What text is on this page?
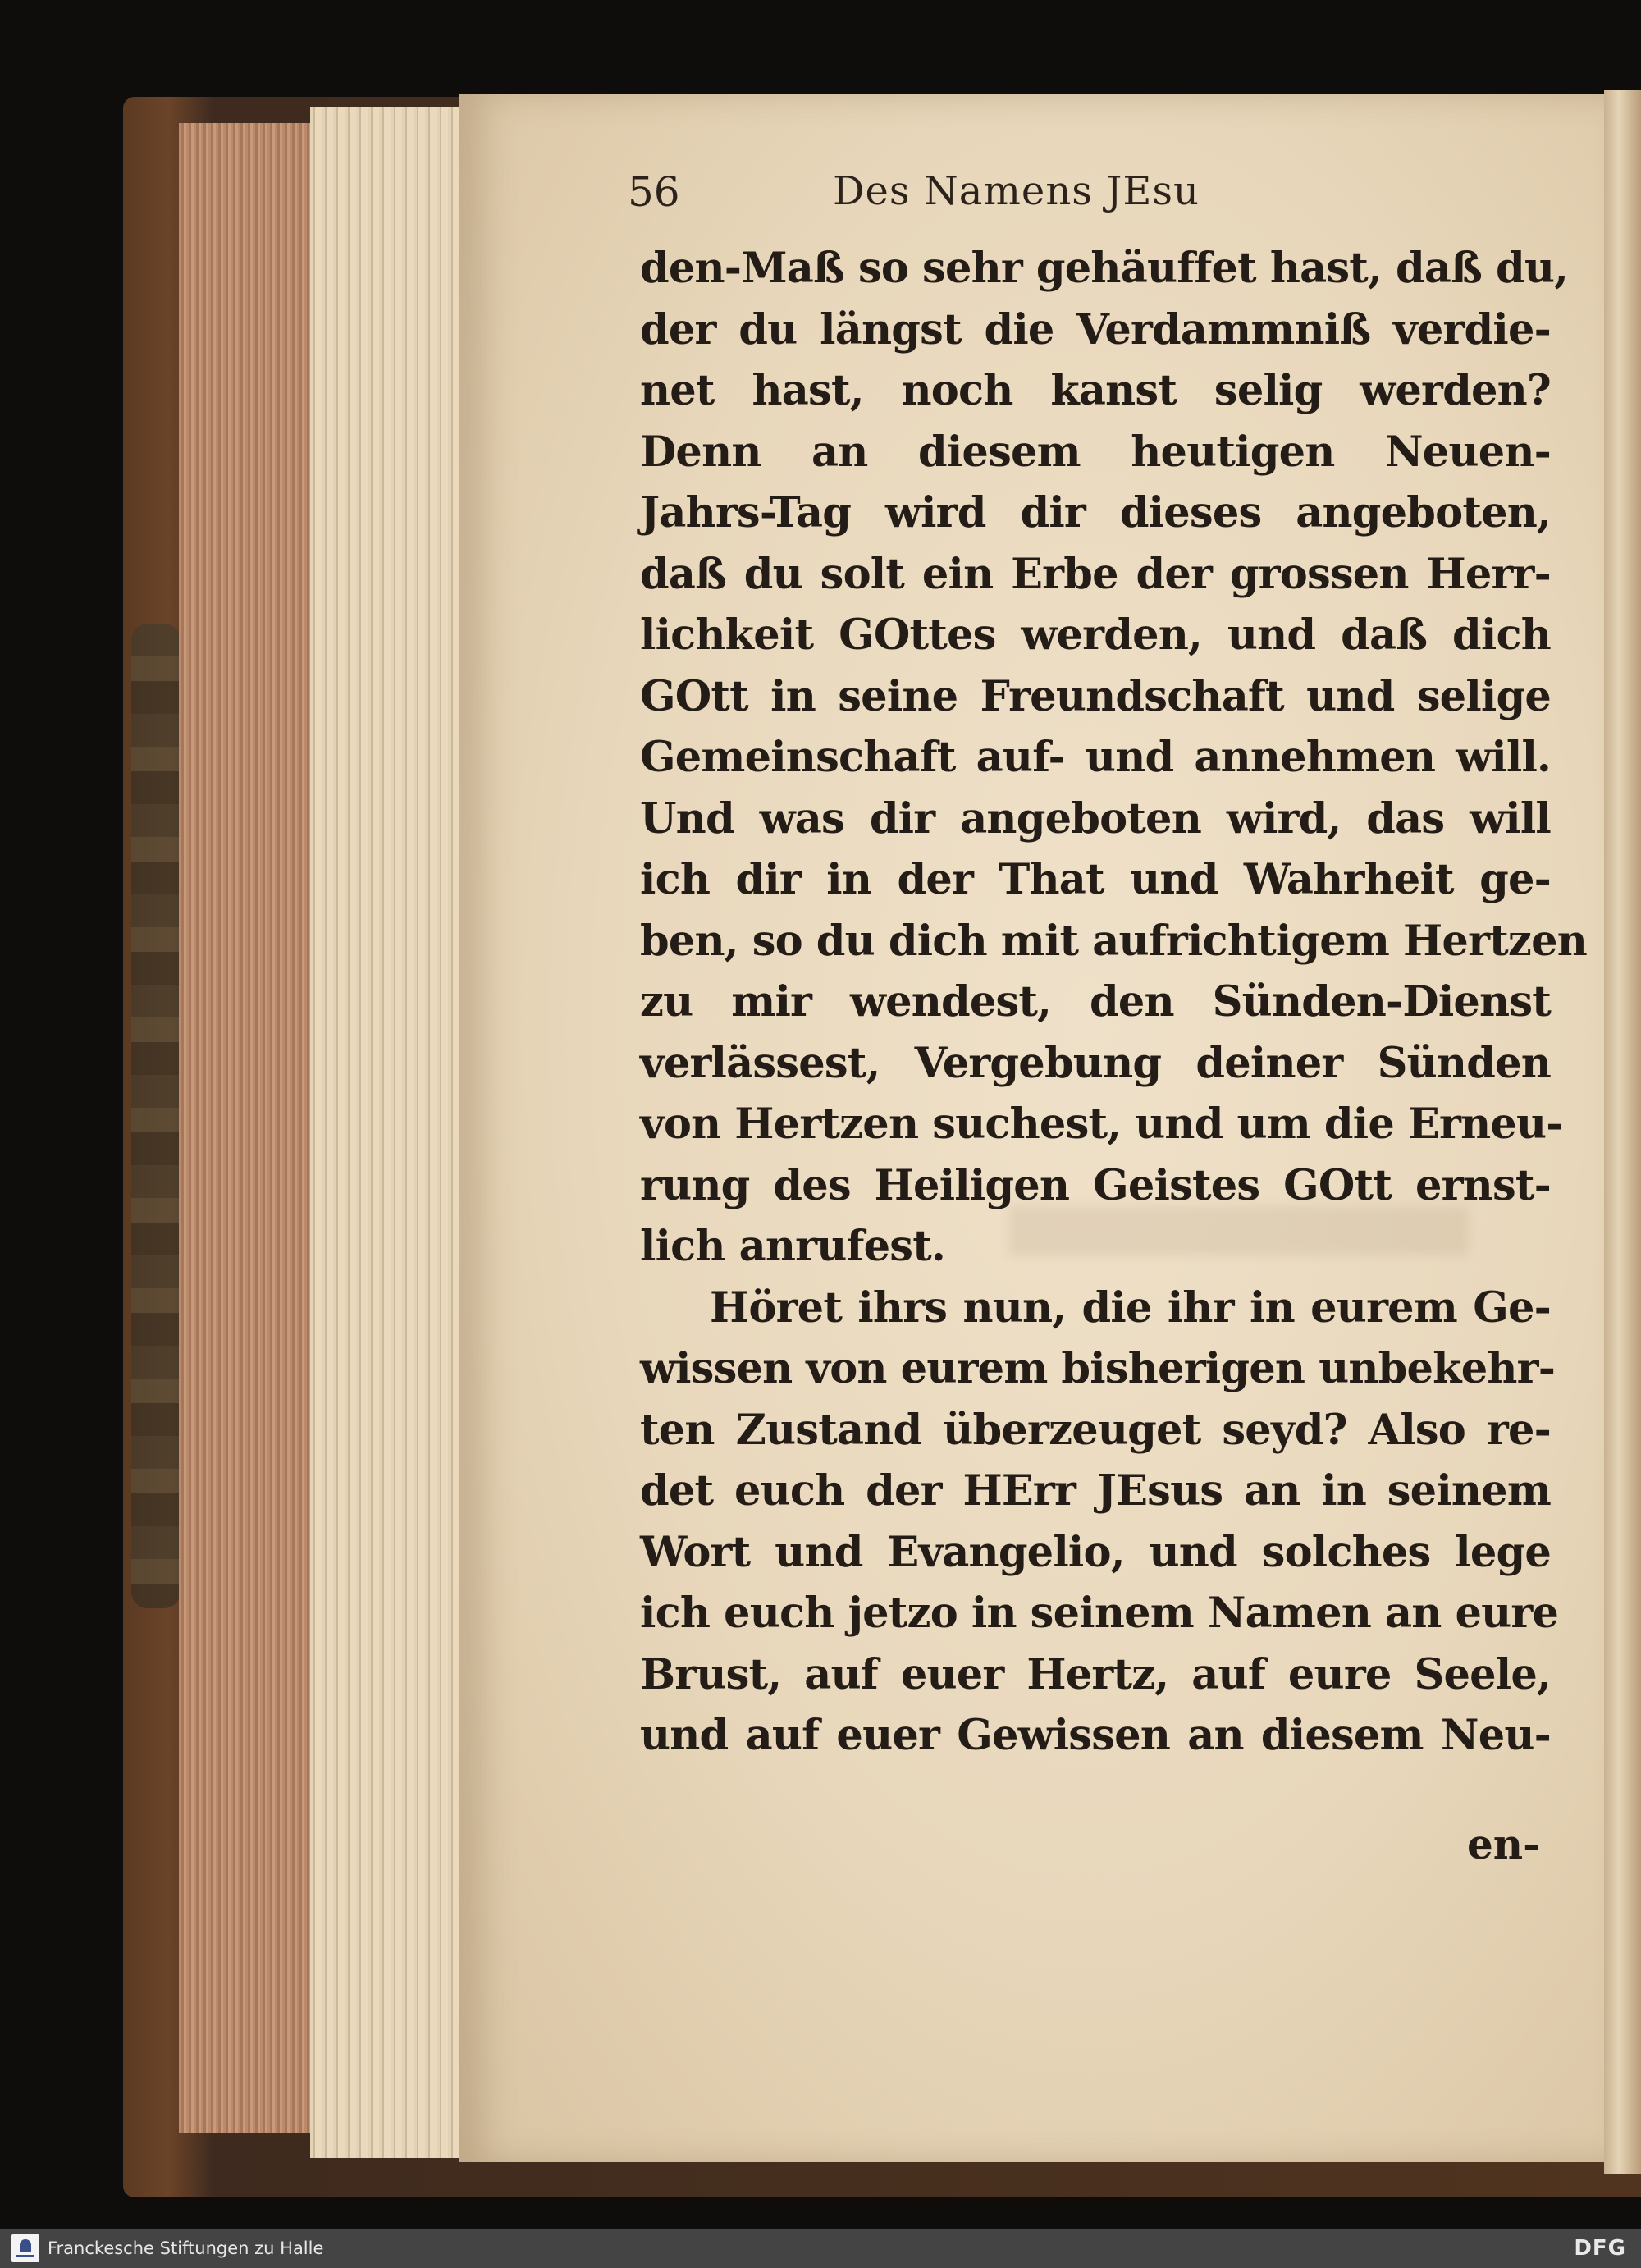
56	Des Namens JEsu
den-Maß so sehr gehäuffet hast, daß du,
der du längst die Verdammniß verdie-
net hast, noch kanst selig werden?
Denn an diesem heutigen Neuen-
Jahrs-Tag wird dir dieses angeboten,
daß du solt ein Erbe der grossen Herr-
lichkeit GOttes werden, und daß dich
GOtt in seine Freundschaft und selige
Gemeinschaft auf- und annehmen will.
Und was dir angeboten wird, das will
ich dir in der That und Wahrheit ge-
ben, so du dich mit aufrichtigem Hertzen
zu mir wendest, den Sünden-Dienst
verlässest, Vergebung deiner Sünden
von Hertzen suchest, und um die Erneu-
rung des Heiligen Geistes GOtt ernst-
lich anrufest.
Höret ihrs nun, die ihr in eurem Ge-
wissen von eurem bisherigen unbekehr-
ten Zustand überzeuget seyd? Also re-
det euch der HErr JEsus an in seinem
Wort und Evangelio, und solches lege
ich euch jetzo in seinem Namen an eure
Brust, auf euer Hertz, auf eure Seele,
und auf euer Gewissen an diesem Neu-
en-
Franckesche Stiftungen zu Halle	DFG
